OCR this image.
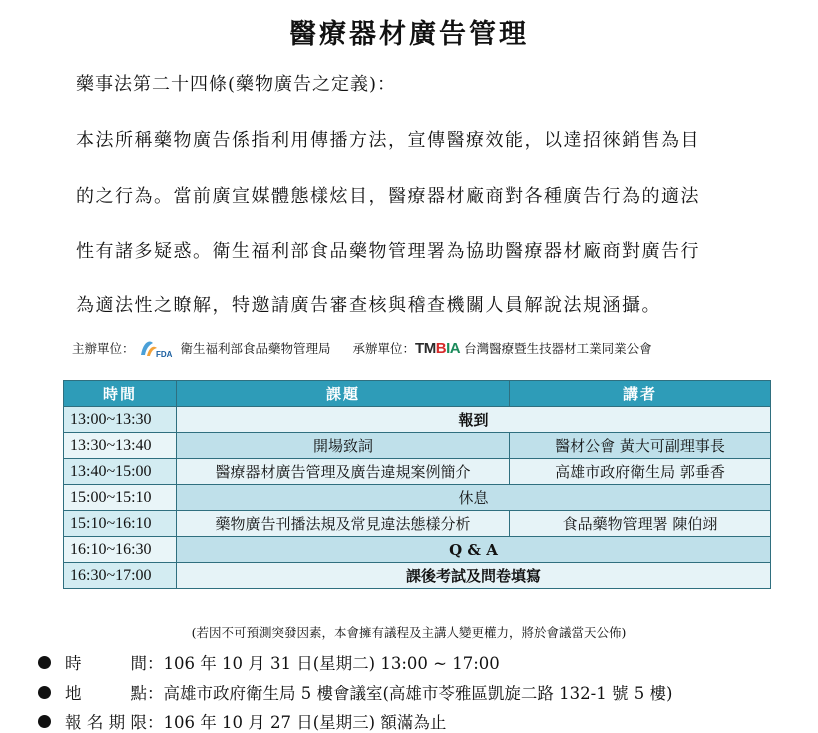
醫療器材廣告管理
藥事法第二十四條(藥物廣告之定義)：
本法所稱藥物廣告係指利用傳播方法，宣傳醫療效能，以達招徠銷售為目
的之行為。當前廣宣媒體態樣炫目，醫療器材廠商對各種廣告行為的適法
性有諸多疑惑。衛生福利部食品藥物管理署為協助醫療器材廠商對廣告行
為適法性之瞭解，特邀請廣告審查核與稽查機關人員解說法規涵攝。
主辦單位：	FDA 衛生福利部食品藥物管理局 承辦單位： TM B IA 台灣醫療暨生技器材工業同業公會
時間	課題	講者
13:00~13:30	報到	
13:30~13:40	開場致詞	醫材公會 黃大可副理事長
13:40~15:00	醫療器材廣告管理及廣告違規案例簡介	高雄市政府衛生局 郭垂香
15:00~15:10	休息	
15:10~16:10	藥物廣告刊播法規及常見違法態樣分析	食品藥物管理署 陳伯翊
16:10~16:30	Q & A	
16:30~17:00	課後考試及問卷填寫	
(若因不可預測突發因素，本會擁有議程及主講人變更權力，將於會議當天公佈)
時 間 ：106 年 10 月 31 日(星期二) 13:00 ~ 17:00
地 點 ：高雄市政府衛生局 5 樓會議室(高雄市苓雅區凱旋二路 132-1 號 5 樓)
報名期限 ：106 年 10 月 27 日(星期三) 額滿為止
